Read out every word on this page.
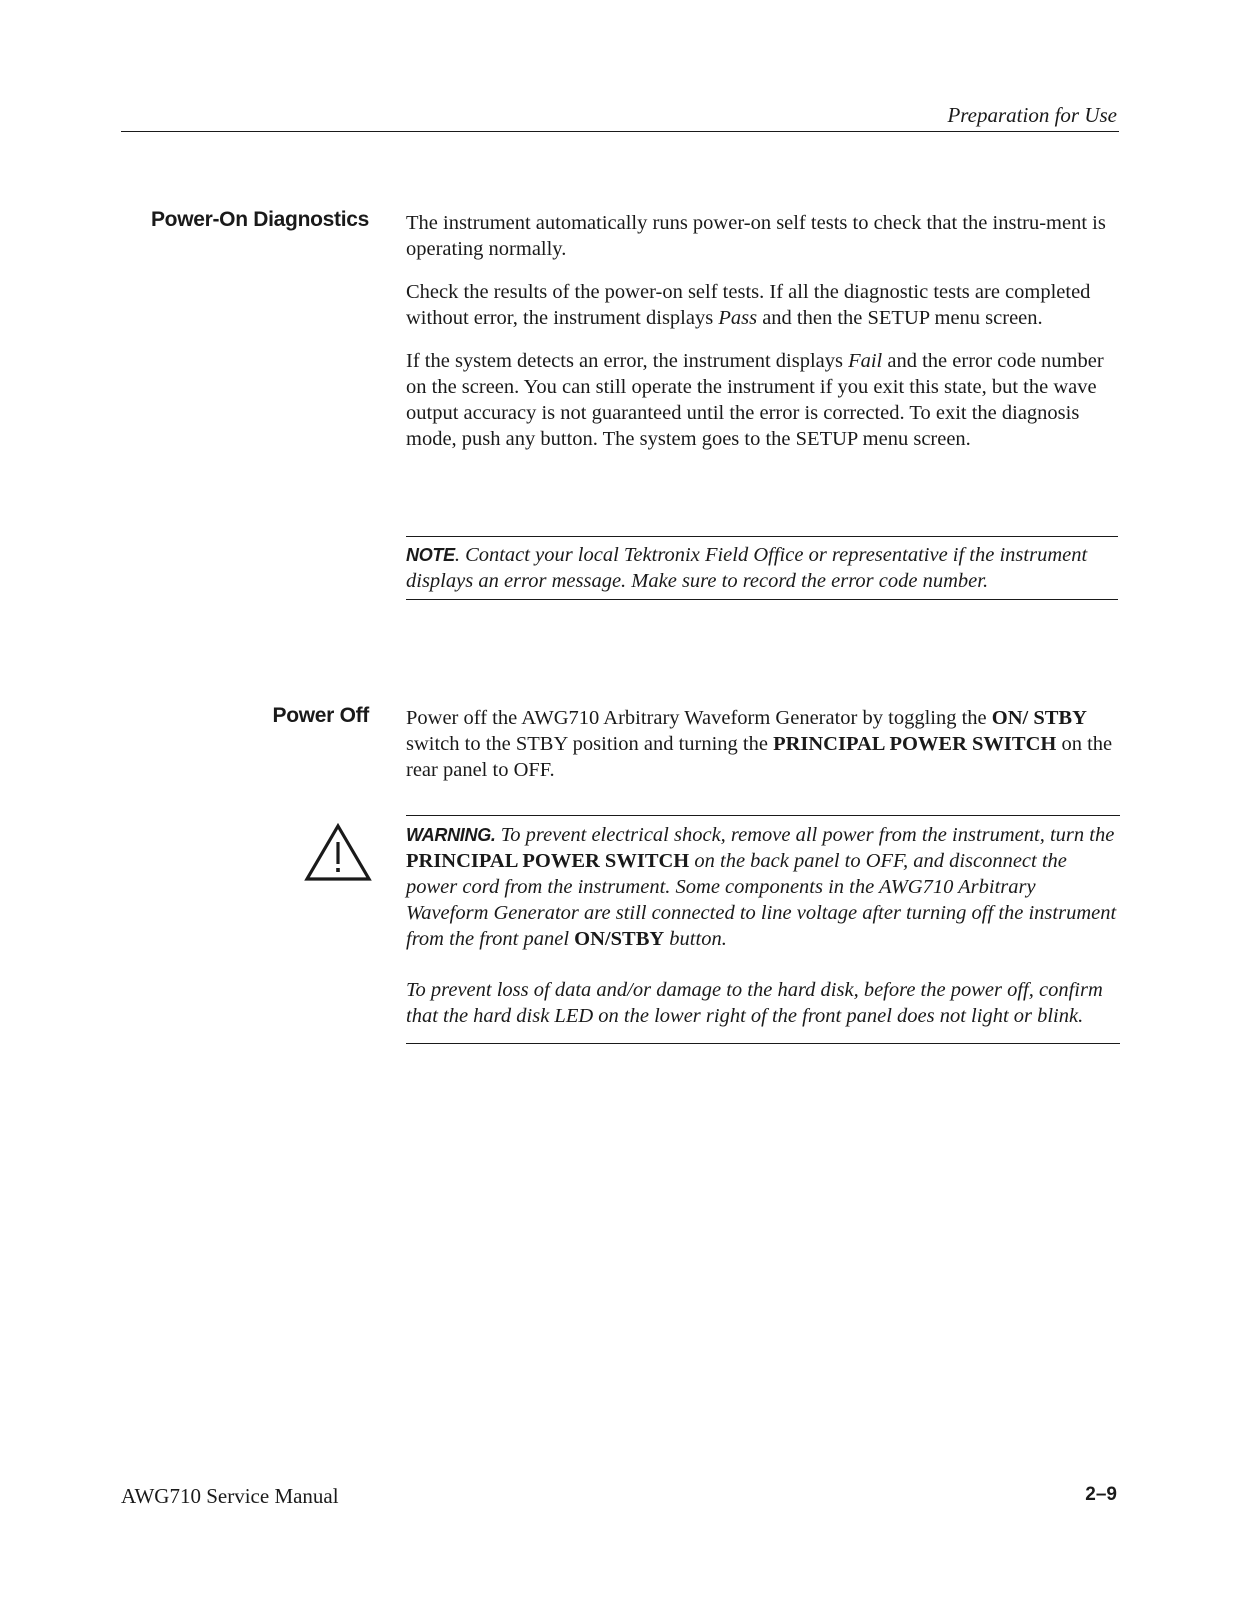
Preparation for Use
Power-On Diagnostics The instrument automatically runs power-on self tests to check that the instru-ment is operating normally.

Check the results of the power-on self tests. If all the diagnostic tests are completed without error, the instrument displays Pass and then the SETUP menu screen.

If the system detects an error, the instrument displays Fail and the error code number on the screen. You can still operate the instrument if you exit this state, but the wave output accuracy is not guaranteed until the error is corrected. To exit the diagnosis mode, push any button. The system goes to the SETUP menu screen.

NOTE. Contact your local Tektronix Field Office or representative if the instrument displays an error message. Make sure to record the error code number.
Power Off Power off the AWG710 Arbitrary Waveform Generator by toggling the ON/ STBY switch to the STBY position and turning the PRINCIPAL POWER SWITCH on the rear panel to OFF.

WARNING. To prevent electrical shock, remove all power from the instrument, turn the PRINCIPAL POWER SWITCH on the back panel to OFF, and disconnect the power cord from the instrument. Some components in the AWG710 Arbitrary Waveform Generator are still connected to line voltage after turning off the instrument from the front panel ON/STBY button.
To prevent loss of data and/or damage to the hard disk, before the power off, confirm that the hard disk LED on the lower right of the front panel does not light or blink.
AWG710 Service Manual	2–9
